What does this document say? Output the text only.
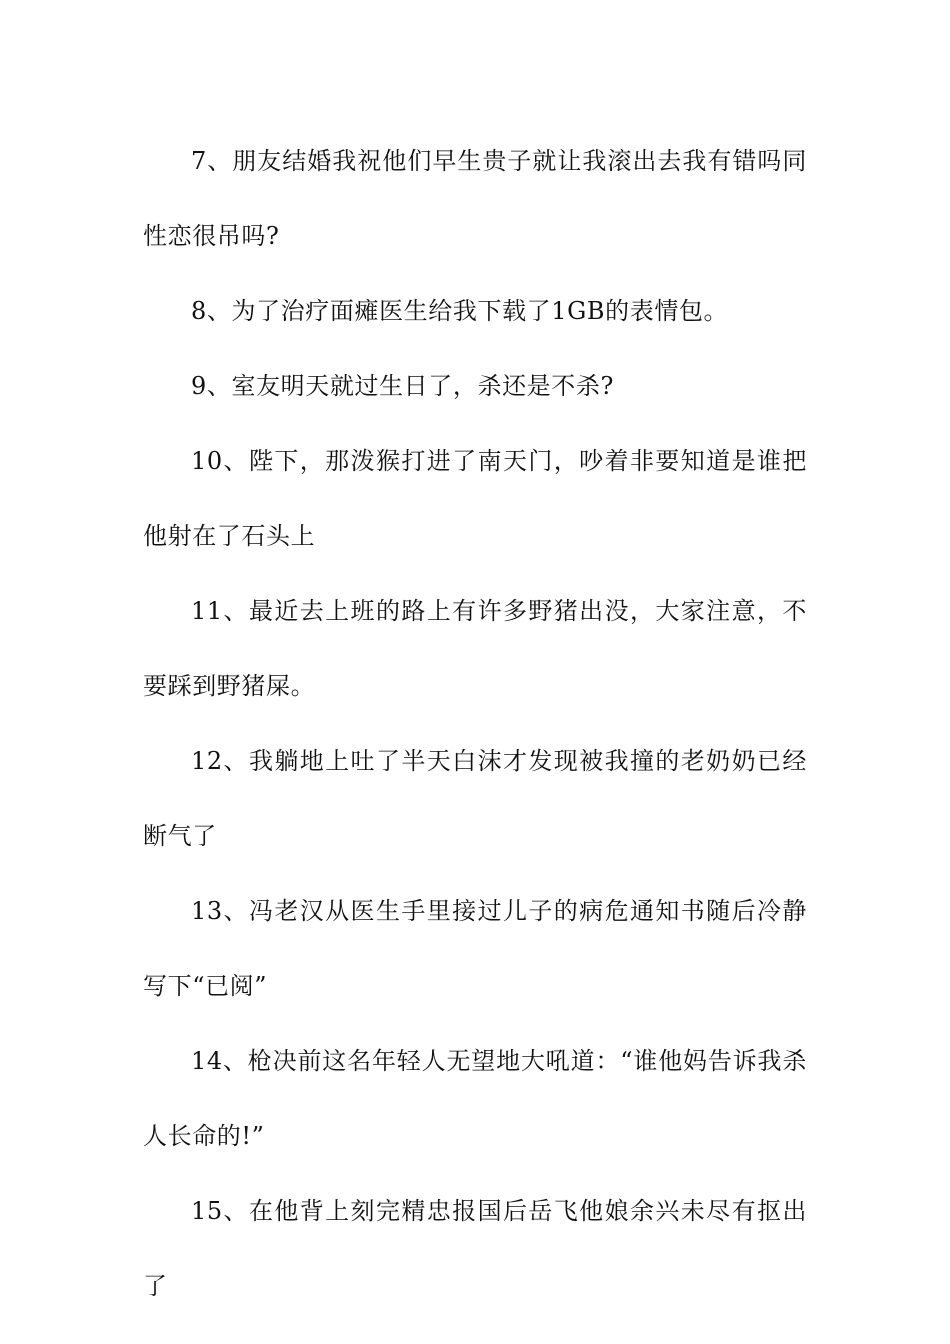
7、朋友结婚我祝他们早生贵子就让我滚出去我有错吗同性恋很吊吗?

8、为了治疗面瘫医生给我下载了1GB的表情包。

9、室友明天就过生日了，杀还是不杀?

10、陛下，那泼猴打进了南天门，吵着非要知道是谁把他射在了石头上

11、最近去上班的路上有许多野猪出没，大家注意，不要踩到野猪屎。

12、我躺地上吐了半天白沫才发现被我撞的老奶奶已经断气了

13、冯老汉从医生手里接过儿子的病危通知书随后冷静写下“已阅”

14、枪决前这名年轻人无望地大吼道：“谁他妈告诉我杀人长命的!”

15、在他背上刻完精忠报国后岳飞他娘余兴未尽有抠出了
